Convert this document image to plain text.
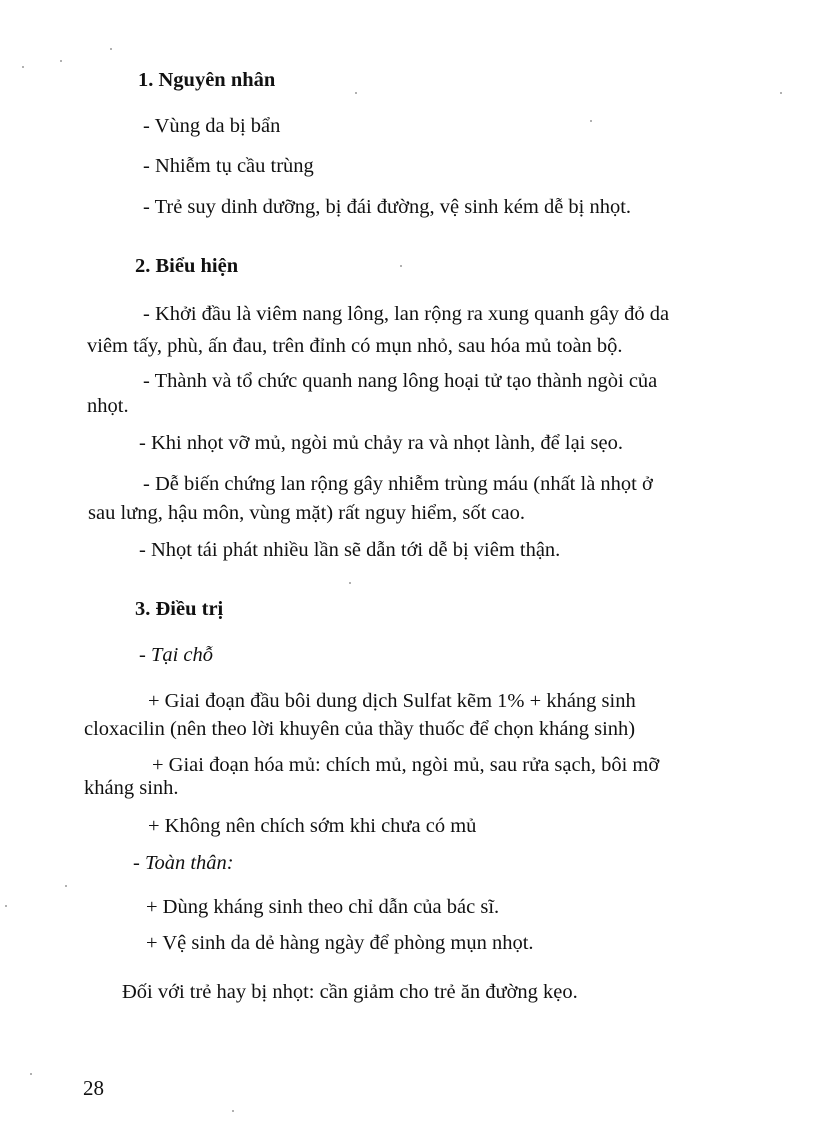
1. Nguyên nhân

- Vùng da bị bẩn

- Nhiễm tụ cầu trùng

- Trẻ suy dinh dưỡng, bị đái đường, vệ sinh kém dễ bị nhọt.

2. Biểu hiện

- Khởi đầu là viêm nang lông, lan rộng ra xung quanh gây đỏ da

viêm tấy, phù, ấn đau, trên đỉnh có mụn nhỏ, sau hóa mủ toàn bộ.

- Thành và tổ chức quanh nang lông hoại tử tạo thành ngòi của

nhọt.

- Khi nhọt vỡ mủ, ngòi mủ chảy ra và nhọt lành, để lại sẹo.

- Dễ biến chứng lan rộng gây nhiễm trùng máu (nhất là nhọt ở

sau lưng, hậu môn, vùng mặt) rất nguy hiểm, sốt cao.

- Nhọt tái phát nhiều lần sẽ dẫn tới dễ bị viêm thận.

3. Điều trị

- Tại chỗ

+ Giai đoạn đầu bôi dung dịch Sulfat kẽm 1% + kháng sinh

cloxacilin (nên theo lời khuyên của thầy thuốc để chọn kháng sinh)

+ Giai đoạn hóa mủ: chích mủ, ngòi mủ, sau rửa sạch, bôi mỡ

kháng sinh.

+ Không nên chích sớm khi chưa có mủ

- Toàn thân:

+ Dùng kháng sinh theo chỉ dẫn của bác sĩ.

+ Vệ sinh da dẻ hàng ngày để phòng mụn nhọt.

Đối với trẻ hay bị nhọt: cần giảm cho trẻ ăn đường kẹo.

28
